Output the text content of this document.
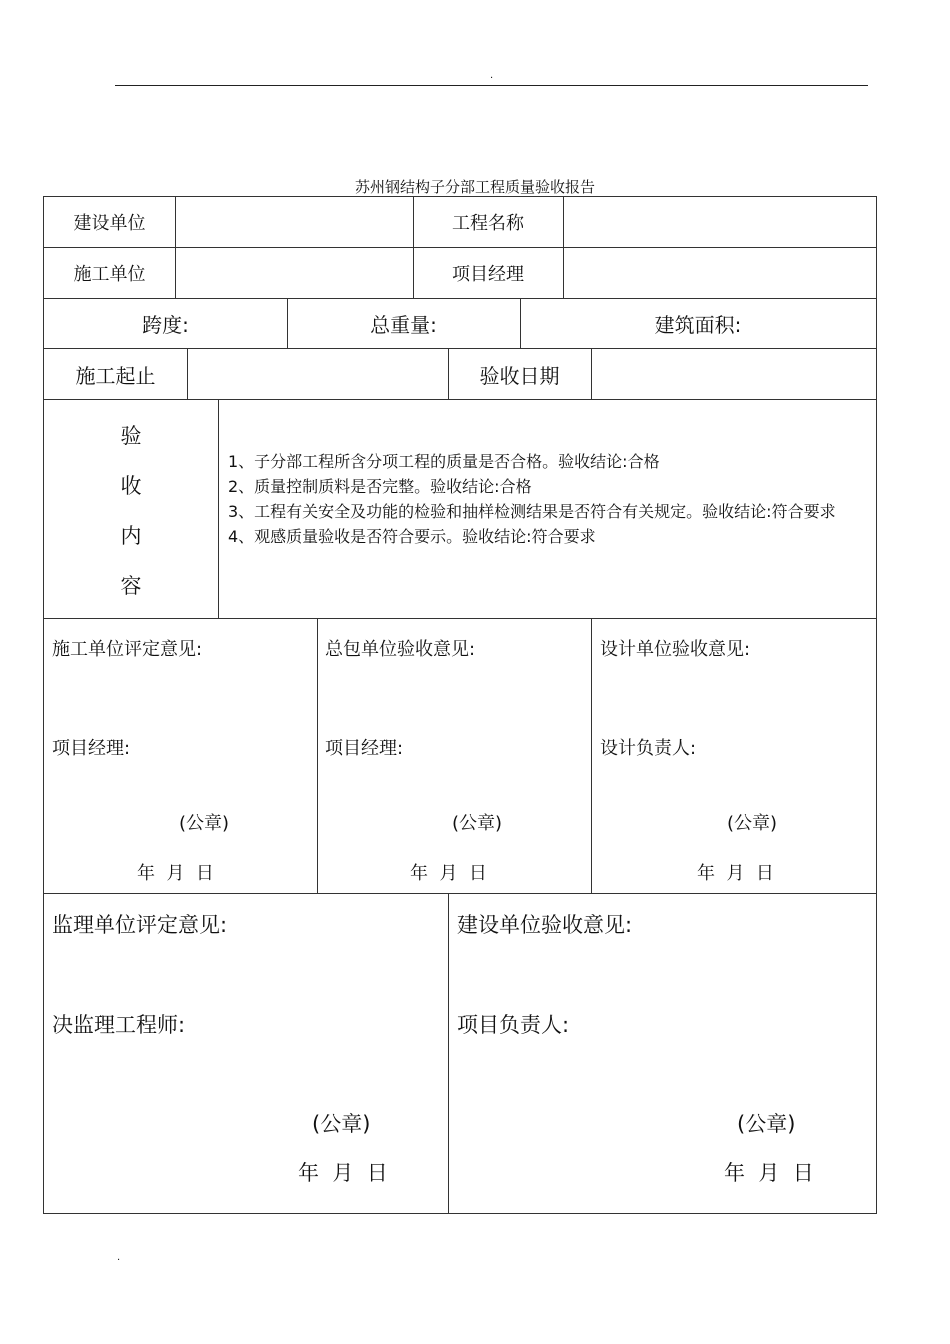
.
苏州钢结构子分部工程质量验收报告
建设单位	工程名称
施工单位	项目经理
跨度:	总重量:	建筑面积:
施工起止	验收日期
验
收
内
容
1、子分部工程所含分项工程的质量是否合格。验收结论:合格
2、质量控制质料是否完整。验收结论:合格
3、工程有关安全及功能的检验和抽样检测结果是否符合有关规定。验收结论:符合要求
4、观感质量验收是否符合要示。验收结论:符合要求
施工单位评定意见:
项目经理:
(公章)
年  月  日
总包单位验收意见:
项目经理:
(公章)
年  月  日
设计单位验收意见:
设计负责人:
(公章)
年  月  日
监理单位评定意见:
决监理工程师:
(公章)
年  月  日
建设单位验收意见:
项目负责人:
(公章)
年  月  日
.
